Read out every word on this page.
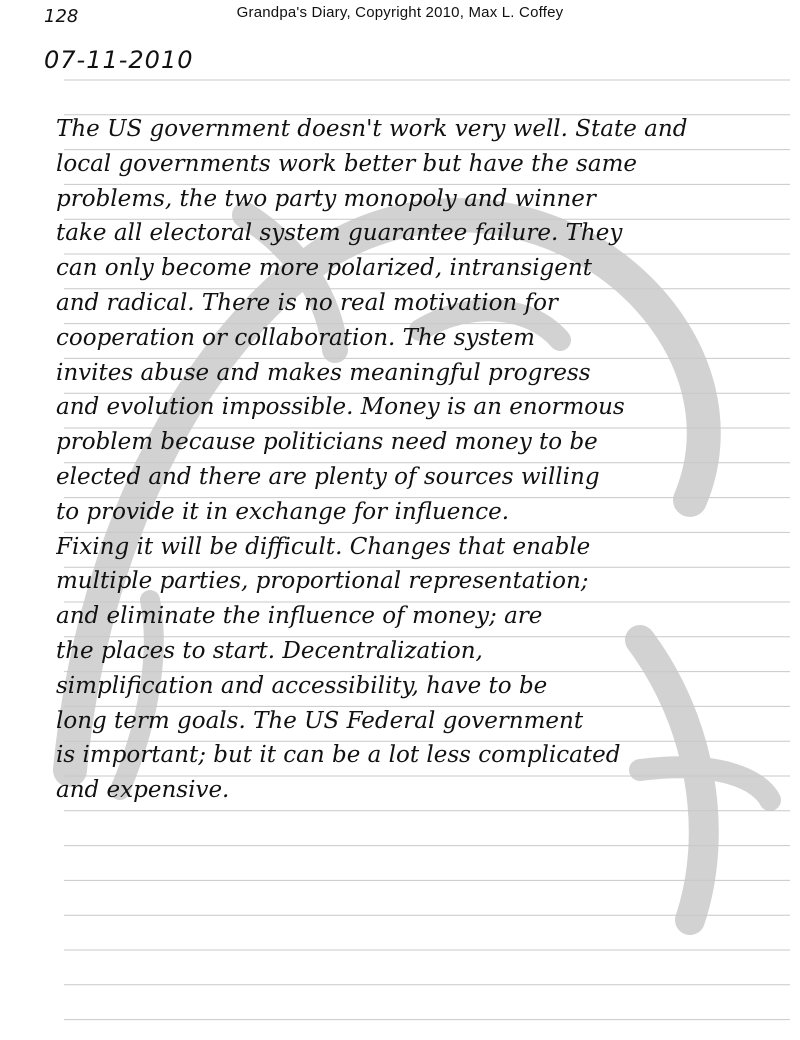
128	Grandpa's Diary, Copyright 2010, Max L. Coffey
07-11-2010
The US government doesn't work very well. State and
local governments work better but have the same
problems, the two party monopoly and winner
take all electoral system guarantee failure. They
can only become more polarized, intransigent
and radical. There is no real motivation for
cooperation or collaboration. The system
invites abuse and makes meaningful progress
and evolution impossible. Money is an enormous
problem because politicians need money to be
elected and there are plenty of sources willing
to provide it in exchange for influence.
Fixing it will be difficult. Changes that enable
multiple parties, proportional representation;
and eliminate the influence of money; are
the places to start. Decentralization,
simplification and accessibility, have to be
long term goals. The US Federal government
is important; but it can be a lot less complicated
and expensive.
